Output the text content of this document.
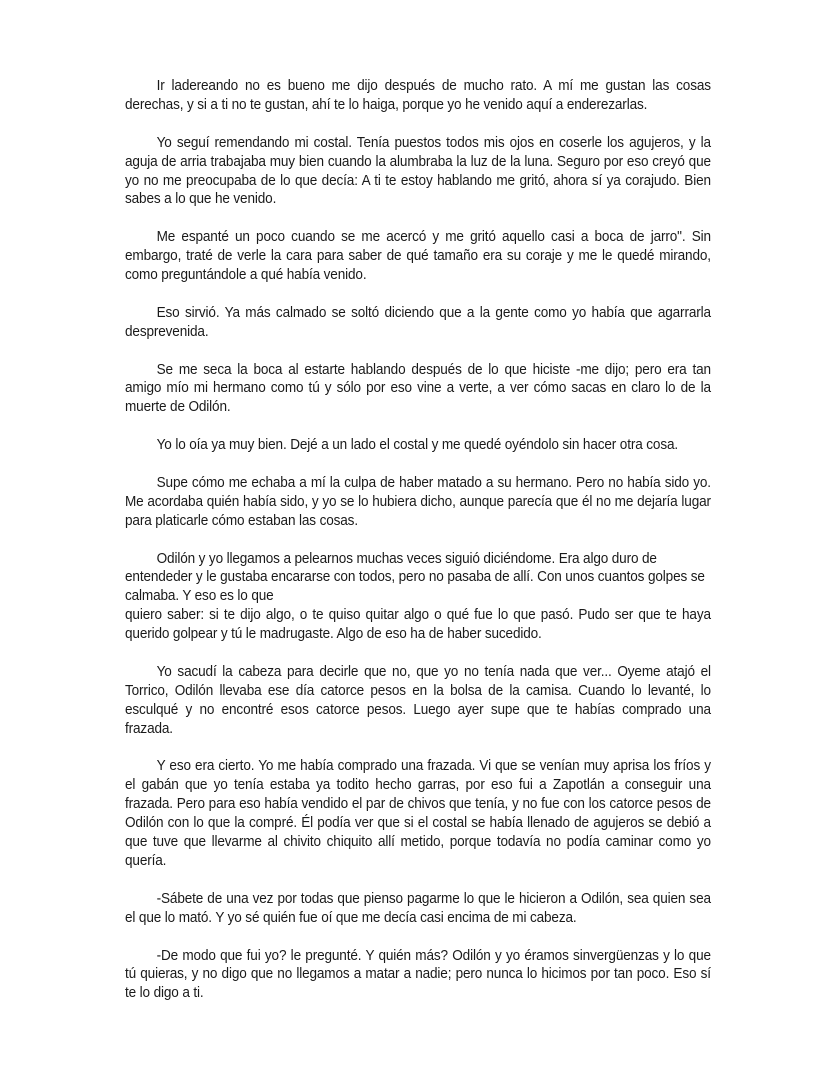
Ir ladereando no es bueno me dijo después de mucho rato. A mí me gustan las cosas derechas, y si a ti no te gustan, ahí te lo haiga, porque yo he venido aquí a enderezarlas.

Yo seguí remendando mi costal. Tenía puestos todos mis ojos en coserle los agujeros, y la aguja de arria trabajaba muy bien cuando la alumbraba la luz de la luna. Seguro por eso creyó que yo no me preocupaba de lo que decía: A ti te estoy hablando me gritó, ahora sí ya corajudo. Bien sabes a lo que he venido.

Me espanté un poco cuando se me acercó y me gritó aquello casi a boca de jarro". Sin embargo, traté de verle la cara para saber de qué tamaño era su coraje y me le quedé mirando, como preguntándole a qué había venido.

Eso sirvió. Ya más calmado se soltó diciendo que a la gente como yo había que agarrarla desprevenida.

Se me seca la boca al estarte hablando después de lo que hiciste -me dijo; pero era tan amigo mío mi hermano como tú y sólo por eso vine a verte, a ver cómo sacas en claro lo de la muerte de Odilón.

Yo lo oía ya muy bien. Dejé a un lado el costal y me quedé oyéndolo sin hacer otra cosa.

Supe cómo me echaba a mí la culpa de haber matado a su hermano. Pero no había sido yo. Me acordaba quién había sido, y yo se lo hubiera dicho, aunque parecía que él no me dejaría lugar para platicarle cómo estaban las cosas.

Odilón y yo llegamos a pelearnos muchas veces siguió diciéndome. Era algo duro de entendeder y le gustaba encararse con todos, pero no pasaba de allí. Con unos cuantos golpes se calmaba. Y eso es lo que

quiero saber: si te dijo algo, o te quiso quitar algo o qué fue lo que pasó. Pudo ser que te haya querido golpear y tú le madrugaste. Algo de eso ha de haber sucedido.

Yo sacudí la cabeza para decirle que no, que yo no tenía nada que ver... Oyeme atajó el Torrico, Odilón llevaba ese día catorce pesos en la bolsa de la camisa. Cuando lo levanté, lo esculqué y no encontré esos catorce pesos. Luego ayer supe que te habías comprado una frazada.

Y eso era cierto. Yo me había comprado una frazada. Vi que se venían muy aprisa los fríos y el gabán que yo tenía estaba ya todito hecho garras, por eso fui a Zapotlán a conseguir una frazada. Pero para eso había vendido el par de chivos que tenía, y no fue con los catorce pesos de Odilón con lo que la compré. Él podía ver que si el costal se había llenado de agujeros se debió a que tuve que llevarme al chivito chiquito allí metido, porque todavía no podía caminar como yo quería.

-Sábete de una vez por todas que pienso pagarme lo que le hicieron a Odilón, sea quien sea el que lo mató. Y yo sé quién fue oí que me decía casi encima de mi cabeza.

-De modo que fui yo? le pregunté. Y quién más? Odilón y yo éramos sinvergüenzas y lo que tú quieras, y no digo que no llegamos a matar a nadie; pero nunca lo hicimos por tan poco. Eso sí te lo digo a ti.
